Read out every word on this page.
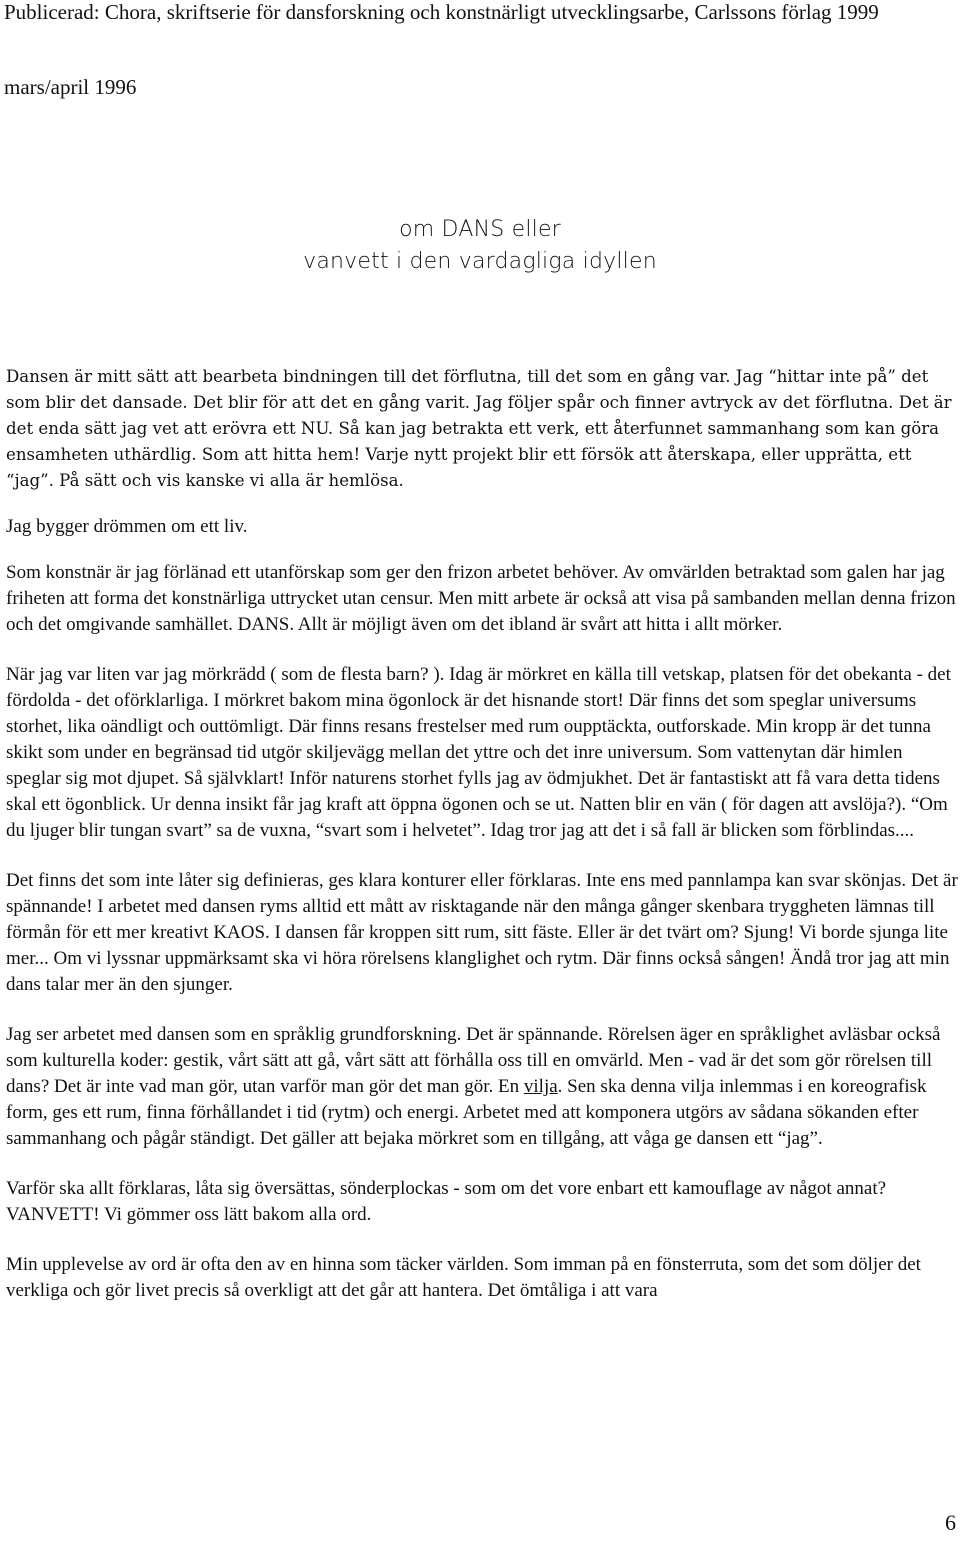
Publicerad: Chora, skriftserie för dansforskning och konstnärligt utvecklingsarbe, Carlssons förlag 1999
mars/april 1996
om DANS eller
vanvett i den vardagliga idyllen

Dansen är mitt sätt att bearbeta bindningen till det förflutna, till det som en gång var. Jag “hittar inte på” det som blir det dansade. Det blir för att det en gång varit. Jag följer spår och finner avtryck av det förflutna. Det är det enda sätt jag vet att erövra ett NU. Så kan jag betrakta ett verk, ett återfunnet sammanhang som kan göra ensamheten uthärdlig. Som att hitta hem! Varje nytt projekt blir ett försök att återskapa, eller upprätta, ett “jag”. På sätt och vis kanske vi alla är hemlösa.

Jag bygger drömmen om ett liv.

Som konstnär är jag förlänad ett utanförskap som ger den frizon arbetet behöver. Av omvärlden betraktad som galen har jag friheten att forma det konstnärliga uttrycket utan censur. Men mitt arbete är också att visa på sambanden mellan denna frizon och det omgivande samhället. DANS. Allt är möjligt även om det ibland är svårt att hitta i allt mörker.

När jag var liten var jag mörkrädd ( som de flesta barn? ). Idag är mörkret en källa till vetskap, platsen för det obekanta - det fördolda - det oförklarliga. I mörkret bakom mina ögonlock är det hisnande stort! Där finns det som speglar universums storhet, lika oändligt och outtömligt. Där finns resans frestelser med rum oupptäckta, outforskade. Min kropp är det tunna skikt som under en begränsad tid utgör skiljevägg mellan det yttre och det inre universum. Som vattenytan där himlen speglar sig mot djupet. Så självklart! Inför naturens storhet fylls jag av ödmjukhet. Det är fantastiskt att få vara detta tidens skal ett ögonblick. Ur denna insikt får jag kraft att öppna ögonen och se ut. Natten blir en vän ( för dagen att avslöja?). “Om du ljuger blir tungan svart” sa de vuxna, “svart som i helvetet”. Idag tror jag att det i så fall är blicken som förblindas....

Det finns det som inte låter sig definieras, ges klara konturer eller förklaras. Inte ens med pannlampa kan svar skönjas. Det är spännande! I arbetet med dansen ryms alltid ett mått av risktagande när den många gånger skenbara tryggheten lämnas till förmån för ett mer kreativt KAOS. I dansen får kroppen sitt rum, sitt fäste. Eller är det tvärt om? Sjung! Vi borde sjunga lite mer... Om vi lyssnar uppmärksamt ska vi höra rörelsens klanglighet och rytm. Där finns också sången! Ändå tror jag att min dans talar mer än den sjunger.

Jag ser arbetet med dansen som en språklig grundforskning. Det är spännande. Rörelsen äger en språklighet avläsbar också som kulturella koder: gestik, vårt sätt att gå, vårt sätt att förhålla oss till en omvärld. Men - vad är det som gör rörelsen till dans? Det är inte vad man gör, utan varför man gör det man gör. En vilja. Sen ska denna vilja inlemmas i en koreografisk form, ges ett rum, finna förhållandet i tid (rytm) och energi. Arbetet med att komponera utgörs av sådana sökanden efter sammanhang och pågår ständigt. Det gäller att bejaka mörkret som en tillgång, att våga ge dansen ett “jag”.

Varför ska allt förklaras, låta sig översättas, sönderplockas - som om det vore enbart ett kamouflage av något annat? VANVETT! Vi gömmer oss lätt bakom alla ord.

Min upplevelse av ord är ofta den av en hinna som täcker världen. Som imman på en fönsterruta, som det som döljer det verkliga och gör livet precis så overkligt att det går att hantera. Det ömtåliga i att vara

6
